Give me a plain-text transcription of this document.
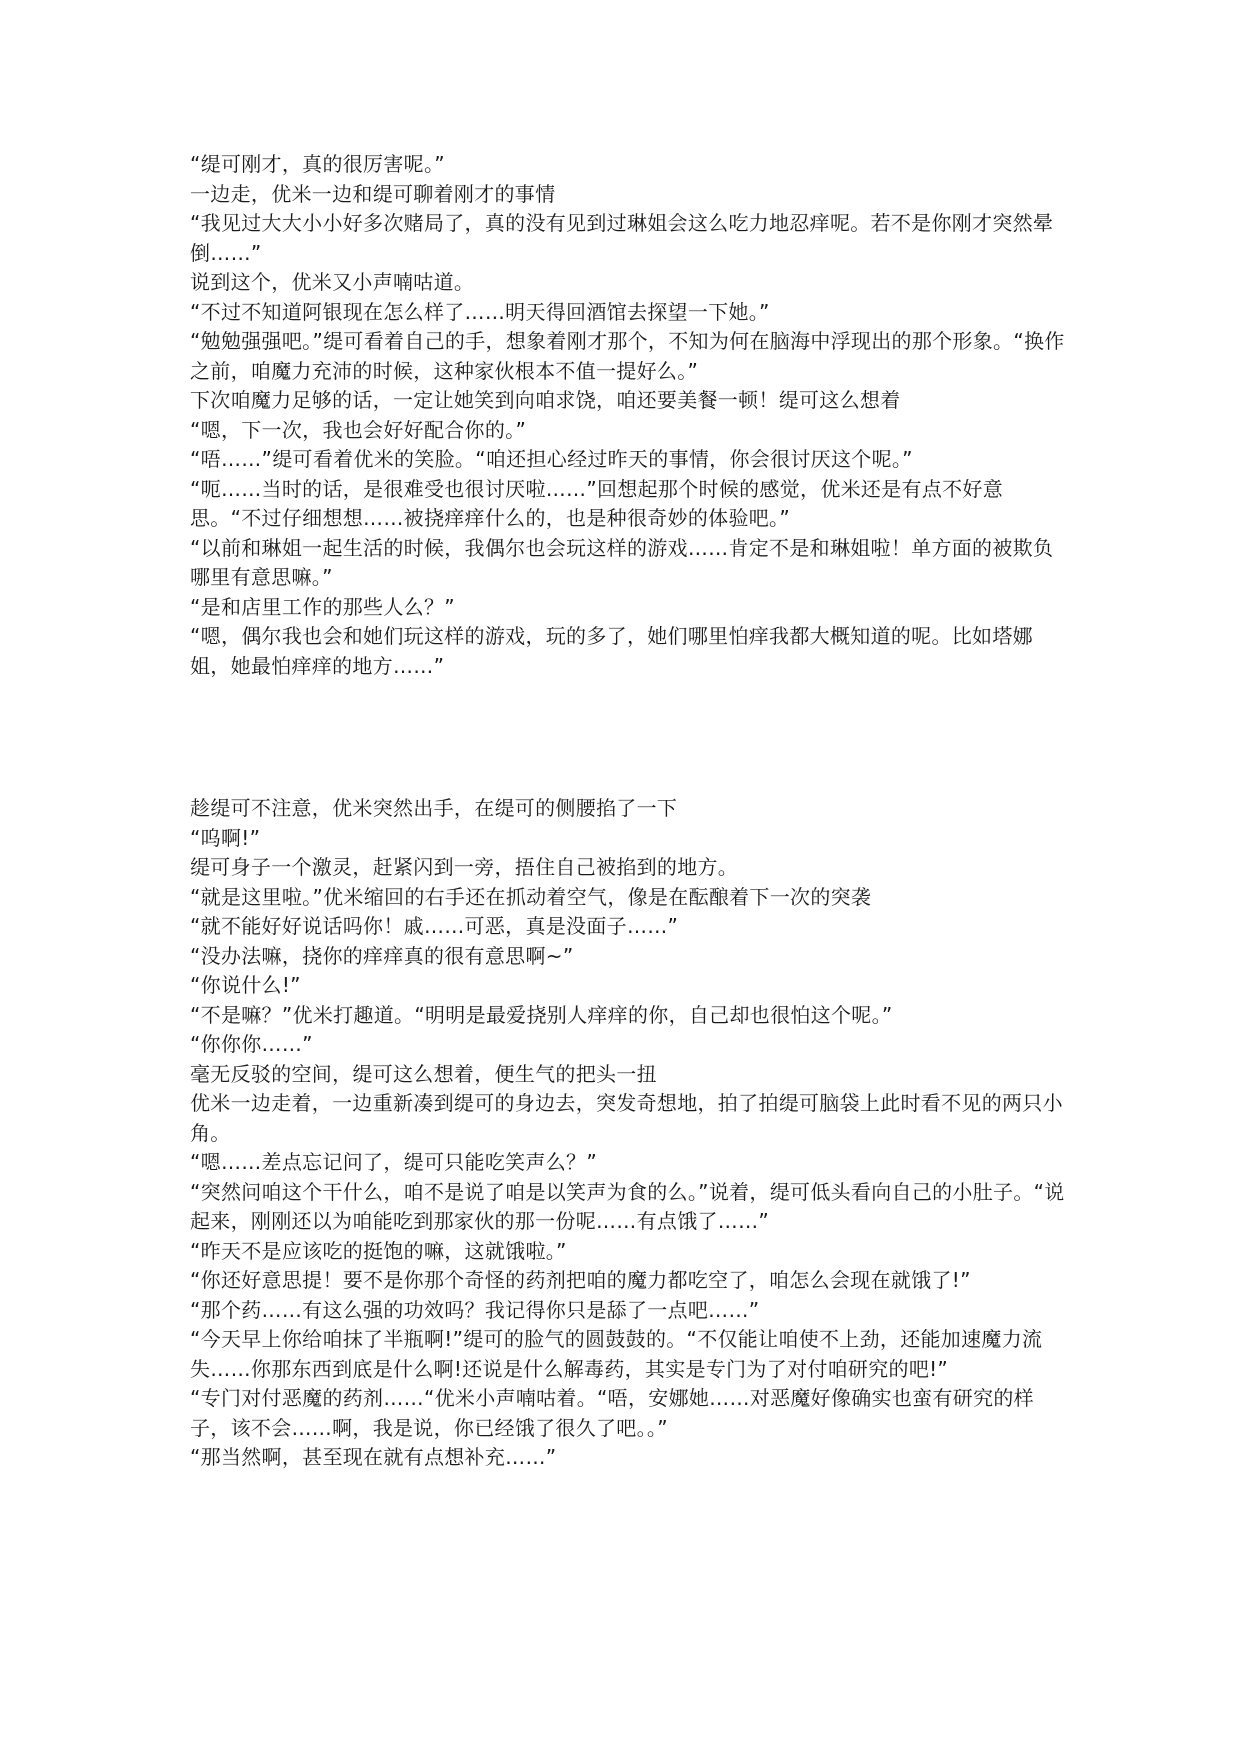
“缇可刚才，真的很厉害呢。”

一边走，优米一边和缇可聊着刚才的事情

“我见过大大小小好多次赌局了，真的没有见到过琳姐会这么吃力地忍痒呢。若不是你刚才突然晕倒……”

说到这个，优米又小声喃咕道。

“不过不知道阿银现在怎么样了……明天得回酒馆去探望一下她。”

“勉勉强强吧。”缇可看着自己的手，想象着刚才那个，不知为何在脑海中浮现出的那个形象。“换作之前，咱魔力充沛的时候，这种家伙根本不值一提好么。”

下次咱魔力足够的话，一定让她笑到向咱求饶，咱还要美餐一顿！缇可这么想着

“嗯，下一次，我也会好好配合你的。”

“唔……”缇可看着优米的笑脸。“咱还担心经过昨天的事情，你会很讨厌这个呢。”

“呃……当时的话，是很难受也很讨厌啦……”回想起那个时候的感觉，优米还是有点不好意思。“不过仔细想想……被挠痒痒什么的，也是种很奇妙的体验吧。”

“以前和琳姐一起生活的时候，我偶尔也会玩这样的游戏……肯定不是和琳姐啦！单方面的被欺负哪里有意思嘛。”

“是和店里工作的那些人么？”

“嗯，偶尔我也会和她们玩这样的游戏，玩的多了，她们哪里怕痒我都大概知道的呢。比如塔娜姐，她最怕痒痒的地方……”

趁缇可不注意，优米突然出手，在缇可的侧腰掐了一下

“呜啊!”

缇可身子一个激灵，赶紧闪到一旁，捂住自己被掐到的地方。

“就是这里啦。”优米缩回的右手还在抓动着空气，像是在酝酿着下一次的突袭

“就不能好好说话吗你！戚……可恶，真是没面子……”

“没办法嘛，挠你的痒痒真的很有意思啊~”

“你说什么!”

“不是嘛？”优米打趣道。“明明是最爱挠别人痒痒的你，自己却也很怕这个呢。”

“你你你……”

毫无反驳的空间，缇可这么想着，便生气的把头一扭

优米一边走着，一边重新凑到缇可的身边去，突发奇想地，拍了拍缇可脑袋上此时看不见的两只小角。

“嗯……差点忘记问了，缇可只能吃笑声么？”

“突然问咱这个干什么，咱不是说了咱是以笑声为食的么。”说着，缇可低头看向自己的小肚子。“说起来，刚刚还以为咱能吃到那家伙的那一份呢……有点饿了……”

“昨天不是应该吃的挺饱的嘛，这就饿啦。”

“你还好意思提！要不是你那个奇怪的药剂把咱的魔力都吃空了，咱怎么会现在就饿了!”

“那个药……有这么强的功效吗？我记得你只是舔了一点吧……”

“今天早上你给咱抹了半瓶啊!”缇可的脸气的圆鼓鼓的。“不仅能让咱使不上劲，还能加速魔力流失……你那东西到底是什么啊!还说是什么解毒药，其实是专门为了对付咱研究的吧!”

“专门对付恶魔的药剂……“优米小声喃咕着。“唔，安娜她……对恶魔好像确实也蛮有研究的样子，该不会……啊，我是说，你已经饿了很久了吧。。”

“那当然啊，甚至现在就有点想补充……”
